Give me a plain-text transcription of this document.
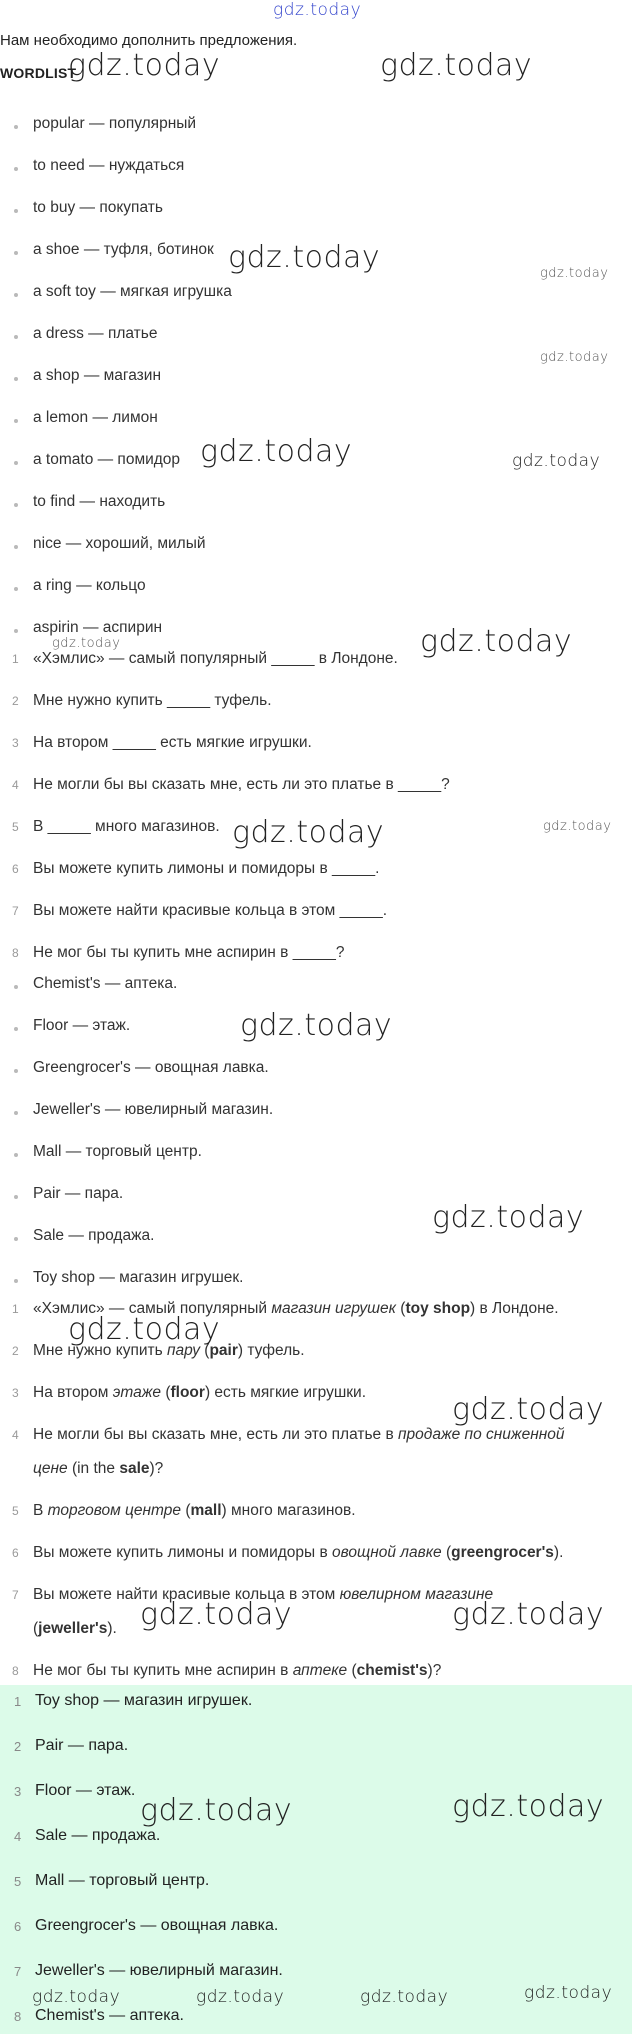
gdz.today
Нам необходимо дополнить предложения.
WORDLIST
popular — популярный
to need — нуждаться
to buy — покупать
a shoe — туфля, ботинок
a soft toy — мягкая игрушка
a dress — платье
a shop — магазин
a lemon — лимон
a tomato — помидор
to find — находить
nice — хороший, милый
a ring — кольцо
aspirin — аспирин
1 «Хэмлис» — самый популярный _____ в Лондоне.
2 Мне нужно купить _____ туфель.
3 На втором _____ есть мягкие игрушки.
4 Не могли бы вы сказать мне, есть ли это платье в _____?
5 В _____ много магазинов.
6 Вы можете купить лимоны и помидоры в _____.
7 Вы можете найти красивые кольца в этом _____.
8 Не мог бы ты купить мне аспирин в _____?
Chemist's — аптека.
Floor — этаж.
Greengrocer's — овощная лавка.
Jeweller's — ювелирный магазин.
Mall — торговый центр.
Pair — пара.
Sale — продажа.
Toy shop — магазин игрушек.
1 «Хэмлис» — самый популярный магазин игрушек (toy shop) в Лондоне.
2 Мне нужно купить пару (pair) туфель.
3 На втором этаже (floor) есть мягкие игрушки.
4 Не могли бы вы сказать мне, есть ли это платье в продаже по сниженной
цене (in the sale)?
5 В торговом центре (mall) много магазинов.
6 Вы можете купить лимоны и помидоры в овощной лавке (greengrocer's).
7 Вы можете найти красивые кольца в этом ювелирном магазине
(jeweller's).
8 Не мог бы ты купить мне аспирин в аптеке (chemist's)?
1 Toy shop — магазин игрушек.
2 Pair — пара.
3 Floor — этаж.
4 Sale — продажа.
5 Mall — торговый центр.
6 Greengrocer's — овощная лавка.
7 Jeweller's — ювелирный магазин.
8 Chemist's — аптека.
gdz.today	gdz.today
gdz.today	gdz.today
gdz.today
gdz.today	gdz.today
gdz.today	gdz.today
gdz.today	gdz.today
gdz.today
gdz.today
gdz.today
gdz.today
gdz.today	gdz.today
gdz.today	gdz.today
gdz.today	gdz.today	gdz.today	gdz.today
